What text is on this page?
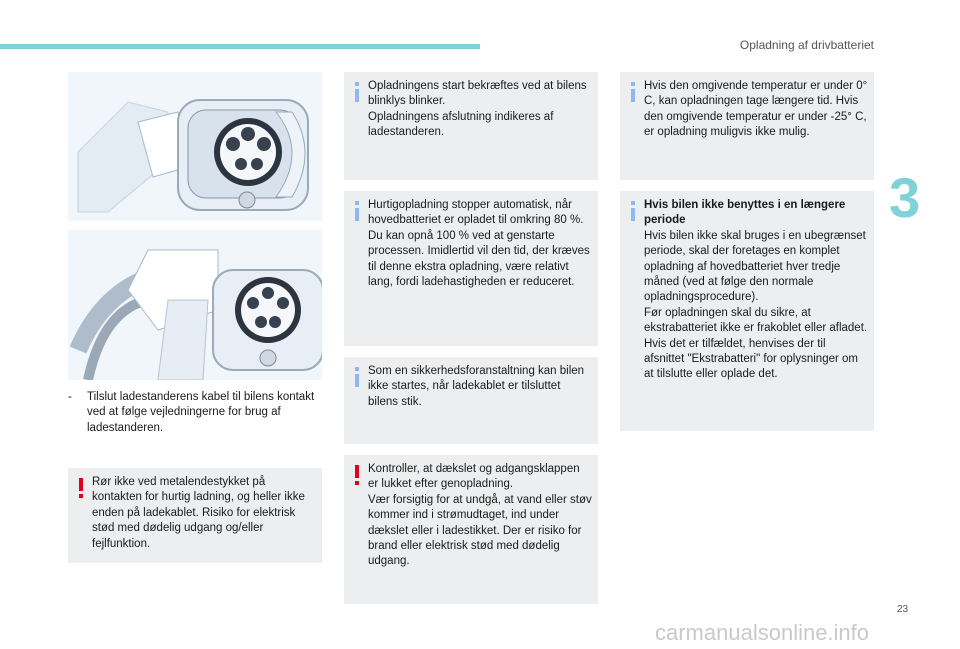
Opladning af drivbatteriet
3
-	Tilslut ladestanderens kabel til bilens kontakt ved at følge vejledningerne for brug af ladestanderen.

Rør ikke ved metalendestykket på kontakten for hurtig ladning, og heller ikke enden på ladekablet. Risiko for elektrisk stød med dødelig udgang og/eller fejlfunktion.

Opladningens start bekræftes ved at bilens blinklys blinker.
Opladningens afslutning indikeres af ladestanderen.

Hurtigopladning stopper automatisk, når hovedbatteriet er opladet til omkring 80 %. Du kan opnå 100 % ved at genstarte processen. Imidlertid vil den tid, der kræves til denne ekstra opladning, være relativt lang, fordi ladehastigheden er reduceret.

Som en sikkerhedsforanstaltning kan bilen ikke startes, når ladekablet er tilsluttet bilens stik.

Kontroller, at dækslet og adgangsklappen er lukket efter genopladning.
Vær forsigtig for at undgå, at vand eller støv kommer ind i strømudtaget, ind under dækslet eller i ladestikket. Der er risiko for brand eller elektrisk stød med dødelig udgang.

Hvis den omgivende temperatur er under 0° C, kan opladningen tage længere tid. Hvis den omgivende temperatur er under -25° C, er opladning muligvis ikke mulig.

Hvis bilen ikke benyttes i en længere periode

Hvis bilen ikke skal bruges i en ubegrænset periode, skal der foretages en komplet opladning af hovedbatteriet hver tredje måned (ved at følge den normale opladningsprocedure).
Før opladningen skal du sikre, at ekstrabatteriet ikke er frakoblet eller afladet. Hvis det er tilfældet, henvises der til afsnittet "Ekstrabatteri" for oplysninger om at tilslutte eller oplade det.

23
carmanualsonline.info
